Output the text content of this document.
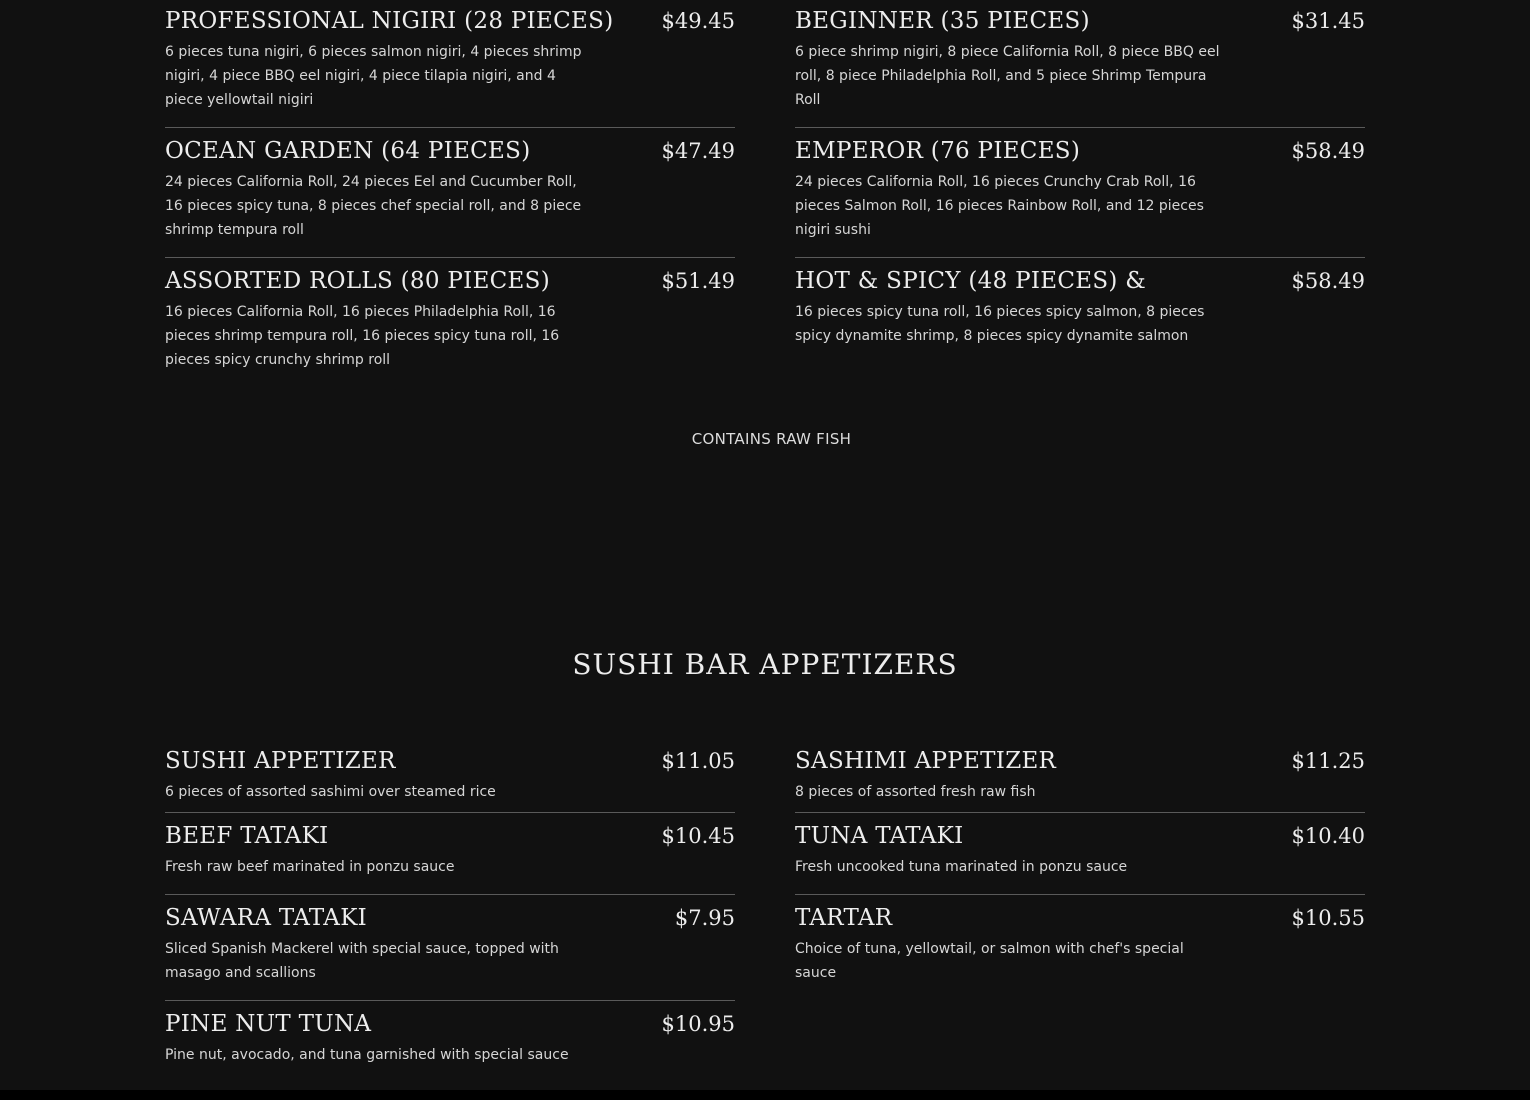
PROFESSIONAL NIGIRI (28 PIECES) $49.45
6 pieces tuna nigiri, 6 pieces salmon nigiri, 4 pieces shrimp nigiri, 4 piece BBQ eel nigiri, 4 piece tilapia nigiri, and 4 piece yellowtail nigiri
OCEAN GARDEN (64 PIECES)	$47.49
24 pieces California Roll, 24 pieces Eel and Cucumber Roll, 16 pieces spicy tuna, 8 pieces chef special roll, and 8 piece shrimp tempura roll
ASSORTED ROLLS (80 PIECES)	$51.49
16 pieces California Roll, 16 pieces Philadelphia Roll, 16 pieces shrimp tempura roll, 16 pieces spicy tuna roll, 16 pieces spicy crunchy shrimp roll
BEGINNER (35 PIECES)	$31.45
6 piece shrimp nigiri, 8 piece California Roll, 8 piece BBQ eel roll, 8 piece Philadelphia Roll, and 5 piece Shrimp Tempura Roll
EMPEROR (76 PIECES)	$58.49
24 pieces California Roll, 16 pieces Crunchy Crab Roll, 16 pieces Salmon Roll, 16 pieces Rainbow Roll, and 12 pieces nigiri sushi
HOT & SPICY (48 PIECES) &	$58.49
16 pieces spicy tuna roll, 16 pieces spicy salmon, 8 pieces spicy dynamite shrimp, 8 pieces spicy dynamite salmon
CONTAINS RAW FISH
SUSHI BAR APPETIZERS
SUSHI APPETIZER	$11.05
6 pieces of assorted sashimi over steamed rice
BEEF TATAKI	$10.45
Fresh raw beef marinated in ponzu sauce
SAWARA TATAKI	$7.95
Sliced Spanish Mackerel with special sauce, topped with masago and scallions
PINE NUT TUNA	$10.95
Pine nut, avocado, and tuna garnished with special sauce
SASHIMI APPETIZER	$11.25
8 pieces of assorted fresh raw fish
TUNA TATAKI	$10.40
Fresh uncooked tuna marinated in ponzu sauce
TARTAR	$10.55
Choice of tuna, yellowtail, or salmon with chef's special sauce
